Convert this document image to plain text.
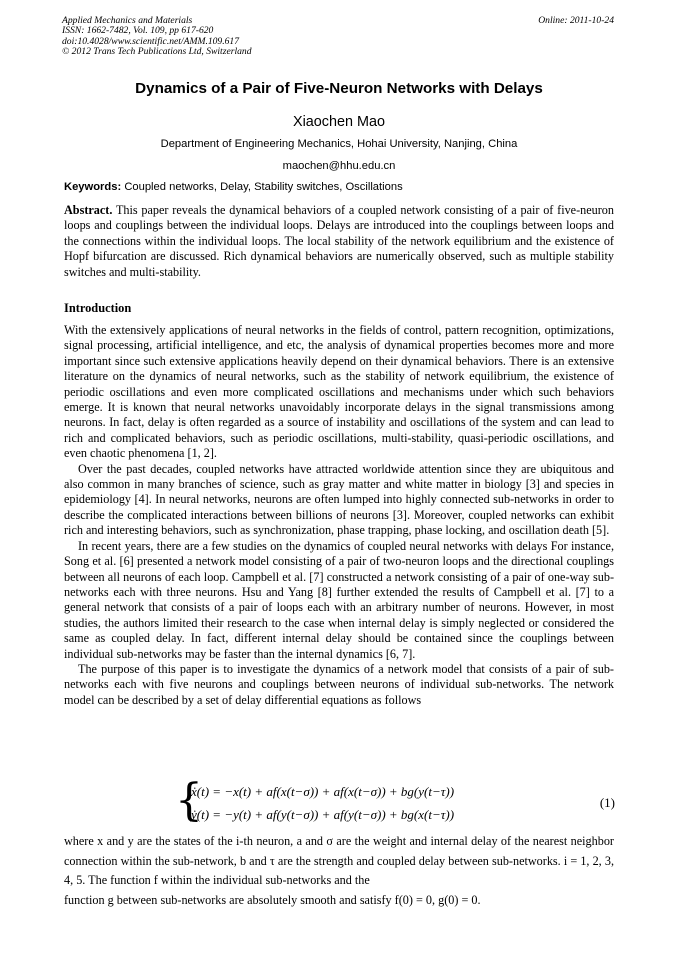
Applied Mechanics and Materials
ISSN: 1662-7482, Vol. 109, pp 617-620
doi:10.4028/www.scientific.net/AMM.109.617
© 2012 Trans Tech Publications Ltd, Switzerland
Online: 2011-10-24
Dynamics of a Pair of Five-Neuron Networks with Delays
Xiaochen Mao
Department of Engineering Mechanics, Hohai University, Nanjing, China
maochen@hhu.edu.cn
Keywords: Coupled networks, Delay, Stability switches, Oscillations
Abstract. This paper reveals the dynamical behaviors of a coupled network consisting of a pair of five-neuron loops and couplings between the individual loops. Delays are introduced into the couplings between loops and the connections within the individual loops. The local stability of the network equilibrium and the existence of Hopf bifurcation are discussed. Rich dynamical behaviors are numerically observed, such as multiple stability switches and multi-stability.
Introduction

With the extensively applications of neural networks in the fields of control, pattern recognition, optimizations, signal processing, artificial intelligence, and etc, the analysis of dynamical properties becomes more and more important since such extensive applications heavily depend on their dynamical behaviors. There is an extensive literature on the dynamics of neural networks, such as the stability of network equilibrium, the existence of periodic oscillations and even more complicated oscillations and mechanisms under which such behaviors emerge. It is known that neural networks unavoidably incorporate delays in the signal transmissions among neurons. In fact, delay is often regarded as a source of instability and oscillations of the system and can lead to rich and complicated behaviors, such as periodic oscillations, multi-stability, quasi-periodic oscillations, and even chaotic phenomena [1, 2].

Over the past decades, coupled networks have attracted worldwide attention since they are ubiquitous and also common in many branches of science, such as gray matter and white matter in biology [3] and species in epidemiology [4]. In neural networks, neurons are often lumped into highly connected sub-networks in order to describe the complicated interactions between billions of neurons [3]. Moreover, coupled networks can exhibit rich and interesting behaviors, such as synchronization, phase trapping, phase locking, and oscillation death [5].

In recent years, there are a few studies on the dynamics of coupled neural networks with delays For instance, Song et al. [6] presented a network model consisting of a pair of two-neuron loops and the directional couplings between all neurons of each loop. Campbell et al. [7] constructed a network consisting of a pair of one-way sub-networks each with three neurons. Hsu and Yang [8] further extended the results of Campbell et al. [7] to a general network that consists of a pair of loops each with an arbitrary number of neurons. However, in most studies, the authors limited their research to the case when internal delay is simply neglected or considered the same as coupled delay. In fact, different internal delay should be contained since the couplings between individual sub-networks may be faster than the internal dynamics [6, 7].

The purpose of this paper is to investigate the dynamics of a network model that consists of a pair of sub-networks each with five neurons and couplings between neurons of individual sub-networks. The network model can be described by a set of delay differential equations as follows

{
ẋ(t) = −x(t) + af(x(t−σ)) + af(x(t−σ)) + bg(y(t−τ))
ẏ(t) = −y(t) + af(y(t−σ)) + af(y(t−σ)) + bg(x(t−τ))
(1)

where x and y are the states of the i-th neuron, a and σ are the weight and internal delay of the nearest neighbor connection within the sub-network, b and τ are the strength and coupled delay between sub-networks. i = 1, 2, 3, 4, 5. The function f within the individual sub-networks and the

function g between sub-networks are absolutely smooth and satisfy f(0) = 0, g(0) = 0.
